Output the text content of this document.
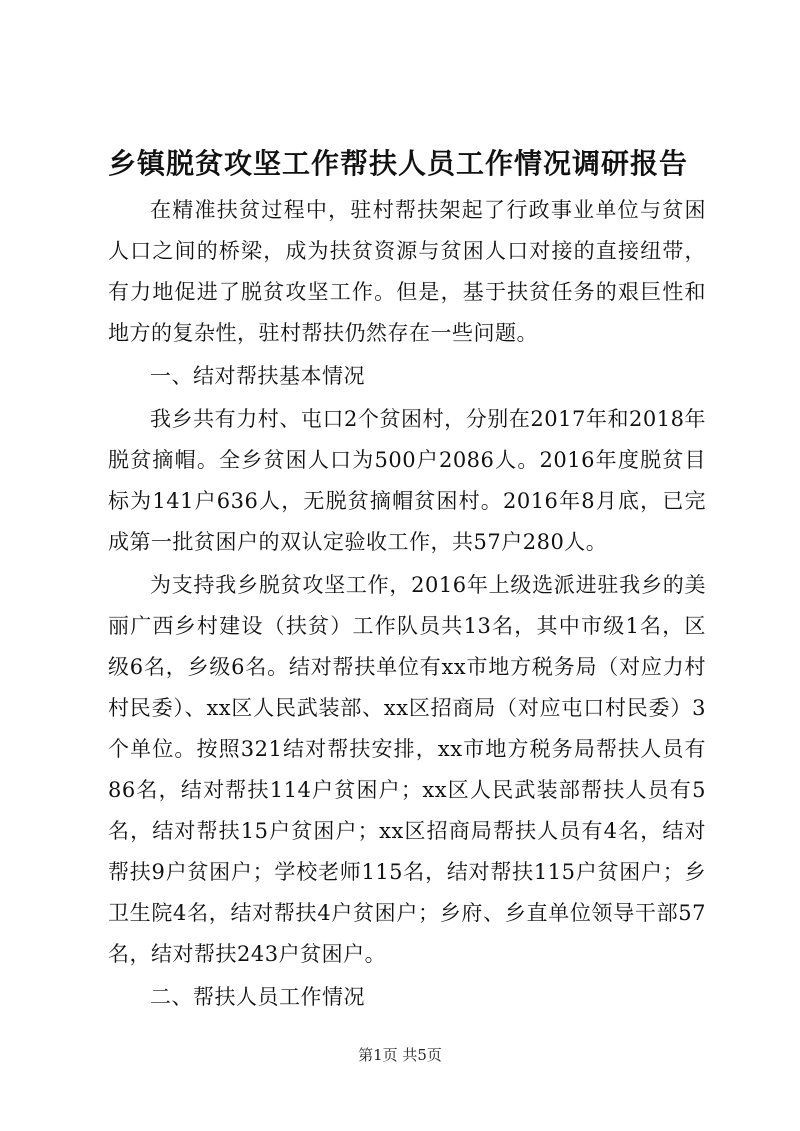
乡镇脱贫攻坚工作帮扶人员工作情况调研报告

在精准扶贫过程中，驻村帮扶架起了行政事业单位与贫困人口之间的桥梁，成为扶贫资源与贫困人口对接的直接纽带，有力地促进了脱贫攻坚工作。但是，基于扶贫任务的艰巨性和地方的复杂性，驻村帮扶仍然存在一些问题。

一、结对帮扶基本情况

我乡共有力村、屯口2个贫困村，分别在2017年和2018年脱贫摘帽。全乡贫困人口为500户2086人。2016年度脱贫目标为141户636人，无脱贫摘帽贫困村。2016年8月底，已完成第一批贫困户的双认定验收工作，共57户280人。

为支持我乡脱贫攻坚工作，2016年上级选派进驻我乡的美丽广西乡村建设（扶贫）工作队员共13名，其中市级1名，区级6名，乡级6名。结对帮扶单位有xx市地方税务局（对应力村村民委）、xx区人民武装部、xx区招商局（对应屯口村民委）3个单位。按照321结对帮扶安排，xx市地方税务局帮扶人员有86名，结对帮扶114户贫困户；xx区人民武装部帮扶人员有5名，结对帮扶15户贫困户；xx区招商局帮扶人员有4名，结对帮扶9户贫困户；学校老师115名，结对帮扶115户贫困户；乡卫生院4名，结对帮扶4户贫困户；乡府、乡直单位领导干部57名，结对帮扶243户贫困户。

二、帮扶人员工作情况

第1页 共5页
